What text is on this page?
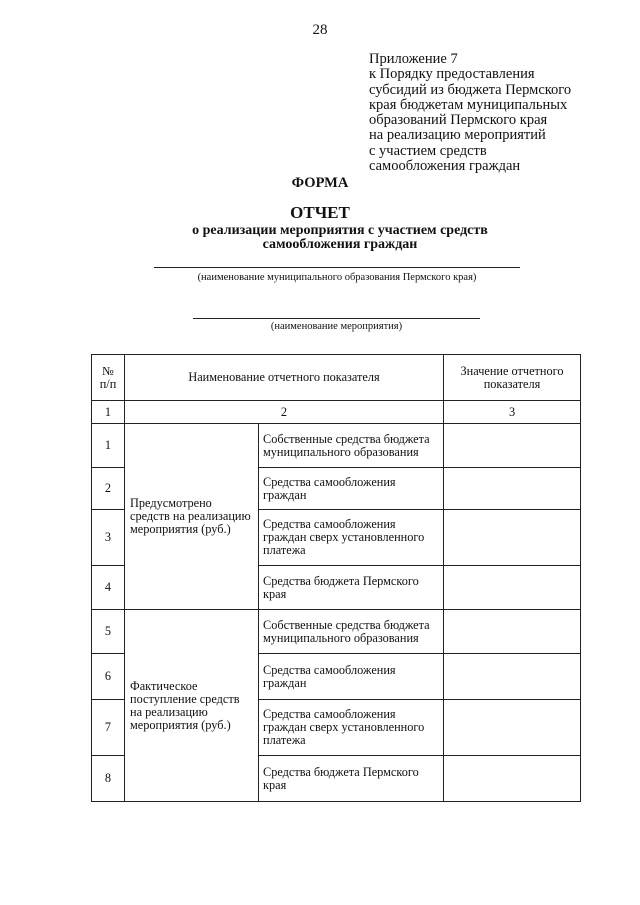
28
Приложение 7
к Порядку предоставления
субсидий из бюджета Пермского
края бюджетам муниципальных
образований Пермского края
на реализацию мероприятий
с участием средств
самообложения граждан
ФОРМА
ОТЧЕТ
о реализации мероприятия с участием средств
самообложения граждан
(наименование муниципального образования Пермского края)
(наименование мероприятия)
№ п/п	Наименование отчетного показателя		Значение отчетного показателя
1	2		3
1	Предусмотрено средств на реализацию мероприятия (руб.)	Собственные средства бюджета муниципального образования	
2		Средства самообложения граждан	
3		Средства самообложения граждан сверх установленного платежа	
4		Средства бюджета Пермского края	
5	Фактическое поступление средств на реализацию мероприятия (руб.)	Собственные средства бюджета муниципального образования	
6		Средства самообложения граждан	
7		Средства самообложения граждан сверх установленного платежа	
8		Средства бюджета Пермского края	
